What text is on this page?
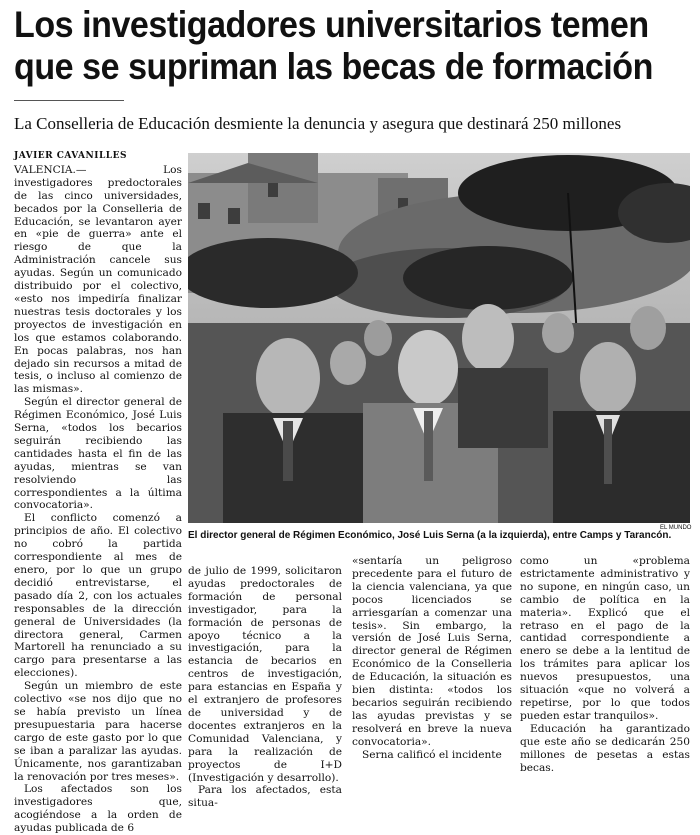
Los investigadores universitarios temen
que se supriman las becas de formación
La Conselleria de Educación desmiente la denuncia y asegura que destinará 250 millones

JAVIER CAVANILLES

VALENCIA.— Los investigadores predoctorales de las cinco universidades, becados por la Conselleria de Educación, se levantaron ayer en «pie de guerra» ante el riesgo de que la Administración cancele sus ayudas. Según un comunicado distribuido por el colectivo, «esto nos impediría finalizar nuestras tesis doctorales y los proyectos de investigación en los que estamos colaborando. En pocas palabras, nos han dejado sin recursos a mitad de tesis, o incluso al comienzo de las mismas».

Según el director general de Régimen Económico, José Luis Serna, «todos los becarios seguirán recibiendo las cantidades hasta el fin de las ayudas, mientras se van resolviendo las correspondientes a la última convocatoria».

El conflicto comenzó a principios de año. El colectivo no cobró la partida correspondiente al mes de enero, por lo que un grupo decidió entrevistarse, el pasado día 2, con los actuales responsables de la dirección general de Universidades (la directora general, Carmen Martorell ha renunciado a su cargo para presentarse a las elecciones).

Según un miembro de este colectivo «se nos dijo que no se había previsto un línea presupuestaria para hacerse cargo de este gasto por lo que se iban a paralizar las ayudas. Únicamente, nos garantizaban la renovación por tres meses».

Los afectados son los investigadores que, acogiéndose a la orden de ayudas publicada de 6

EL MUNDO
El director general de Régimen Económico, José Luis Serna (a la izquierda), entre Camps y Tarancón.

de julio de 1999, solicitaron ayudas predoctorales de formación de personal investigador, para la formación de personas de apoyo técnico a la investigación, para la estancia de becarios en centros de investigación, para estancias en España y el extranjero de profesores de universidad y de docentes extranjeros en la Comunidad Valenciana, y para la realización de proyectos de I+D (Investigación y desarrollo).

Para los afectados, esta situa-

«sentaría un peligroso precedente para el futuro de la ciencia valenciana, ya que pocos licenciados se arriesgarían a comenzar una tesis». Sin embargo, la versión de José Luis Serna, director general de Régimen Económico de la Conselleria de Educación, la situación es bien distinta: «todos los becarios seguirán recibiendo las ayudas previstas y se resolverá en breve la nueva convocatoria».

Serna calificó el incidente

como un «problema estrictamente administrativo y no supone, en ningún caso, un cambio de política en la materia». Explicó que el retraso en el pago de la cantidad correspondiente a enero se debe a la lentitud de los trámites para aplicar los nuevos presupuestos, una situación «que no volverá a repetirse, por lo que todos pueden estar tranquilos».

Educación ha garantizado que este año se dedicarán 250 millones de pesetas a estas becas.
